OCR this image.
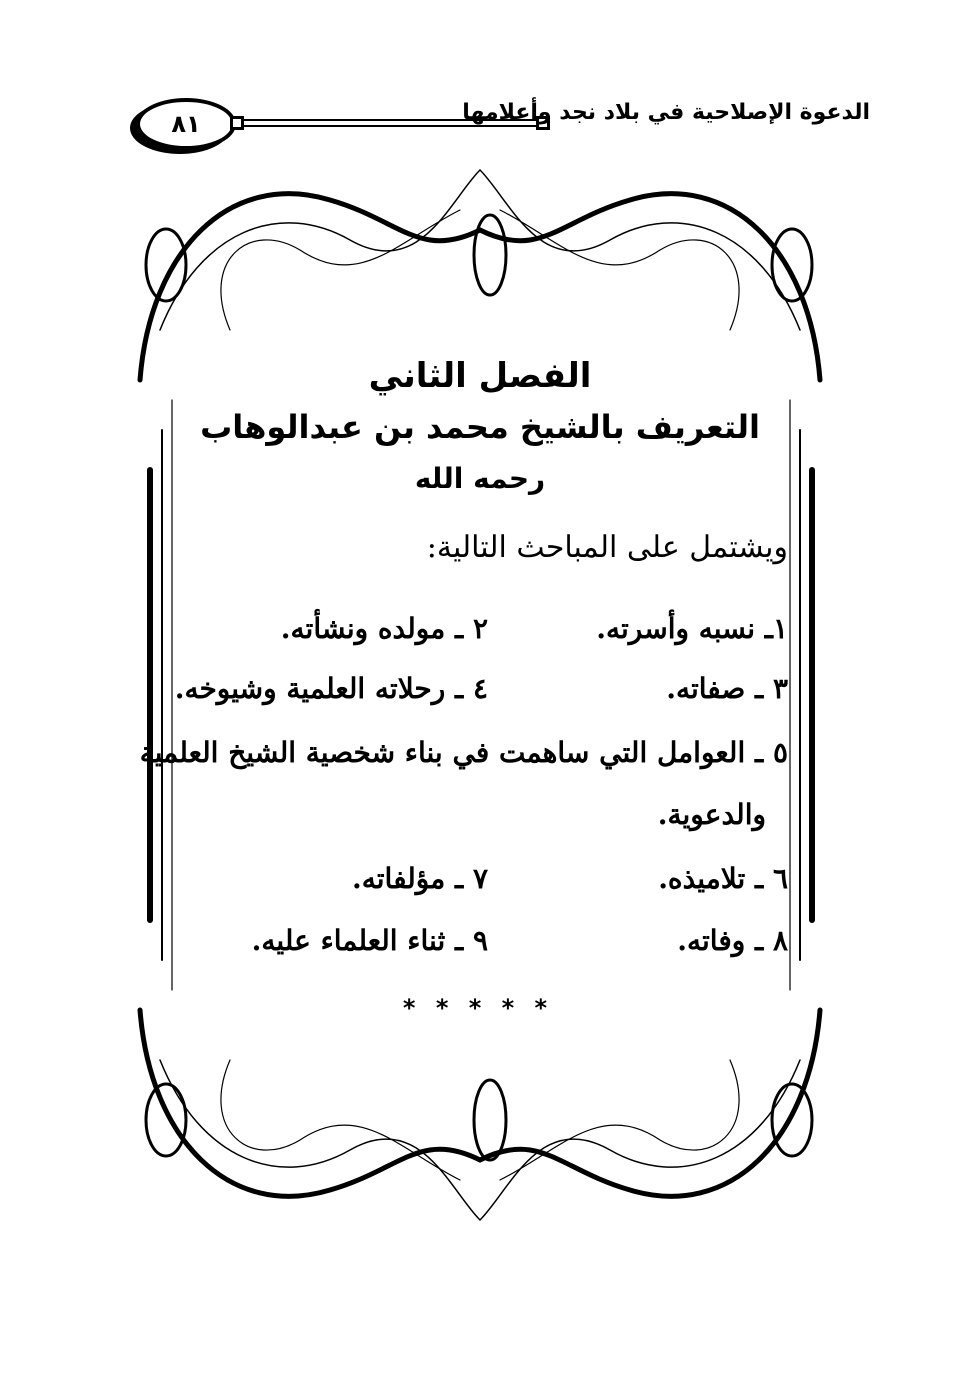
٨١	الدعوة الإصلاحية في بلاد نجد وأعلامها
الفصل الثاني
التعريف بالشيخ محمد بن عبدالوهاب
رحمه الله
ويشتمل على المباحث التالية:
١ـ نسبه وأسرته.٢ ـ مولده ونشأته.
٣ ـ صفاته.٤ ـ رحلاته العلمية وشيوخه.
٥ ـ العوامل التي ساهمت في بناء شخصية الشيخ العلمية
والدعوية.
٦ ـ تلاميذه.٧ ـ مؤلفاته.
٨ ـ وفاته.٩ ـ ثناء العلماء عليه.
* * * * *
